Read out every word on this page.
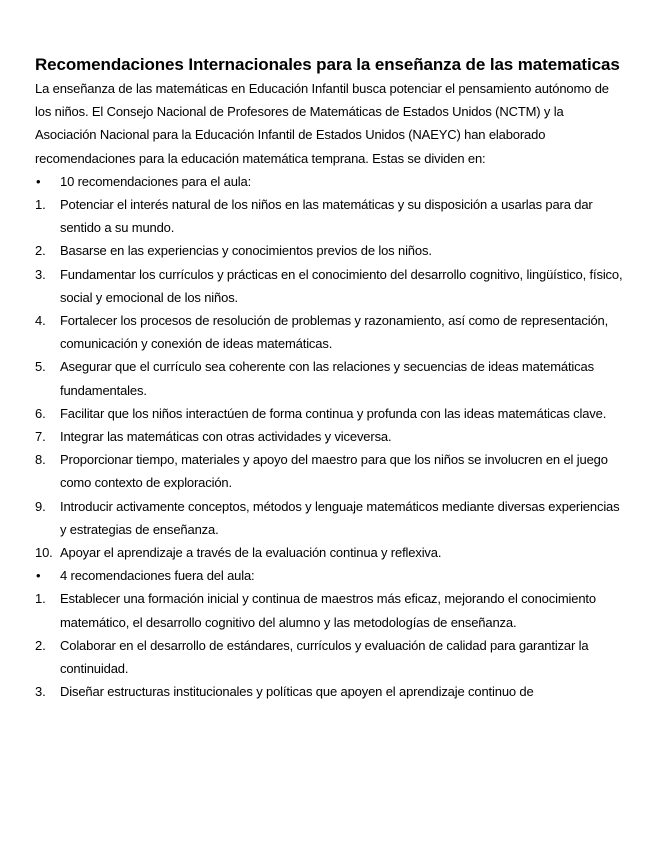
Recomendaciones Internacionales para la enseñanza de las matematicas

La enseñanza de las matemáticas en Educación Infantil busca potenciar el pensamiento autónomo de los niños. El Consejo Nacional de Profesores de Matemáticas de Estados Unidos (NCTM) y la Asociación Nacional para la Educación Infantil de Estados Unidos (NAEYC) han elaborado recomendaciones para la educación matemática temprana. Estas se dividen en:

• 10 recomendaciones para el aula:
1. Potenciar el interés natural de los niños en las matemáticas y su disposición a usarlas para dar sentido a su mundo.
2. Basarse en las experiencias y conocimientos previos de los niños.
3. Fundamentar los currículos y prácticas en el conocimiento del desarrollo cognitivo, lingüístico, físico, social y emocional de los niños.
4. Fortalecer los procesos de resolución de problemas y razonamiento, así como de representación, comunicación y conexión de ideas matemáticas.
5. Asegurar que el currículo sea coherente con las relaciones y secuencias de ideas matemáticas fundamentales.
6. Facilitar que los niños interactúen de forma continua y profunda con las ideas matemáticas clave.
7. Integrar las matemáticas con otras actividades y viceversa.
8. Proporcionar tiempo, materiales y apoyo del maestro para que los niños se involucren en el juego como contexto de exploración.
9. Introducir activamente conceptos, métodos y lenguaje matemáticos mediante diversas experiencias y estrategias de enseñanza.
10. Apoyar el aprendizaje a través de la evaluación continua y reflexiva.
• 4 recomendaciones fuera del aula:
1. Establecer una formación inicial y continua de maestros más eficaz, mejorando el conocimiento matemático, el desarrollo cognitivo del alumno y las metodologías de enseñanza.
2. Colaborar en el desarrollo de estándares, currículos y evaluación de calidad para garantizar la continuidad.
3. Diseñar estructuras institucionales y políticas que apoyen el aprendizaje continuo de
